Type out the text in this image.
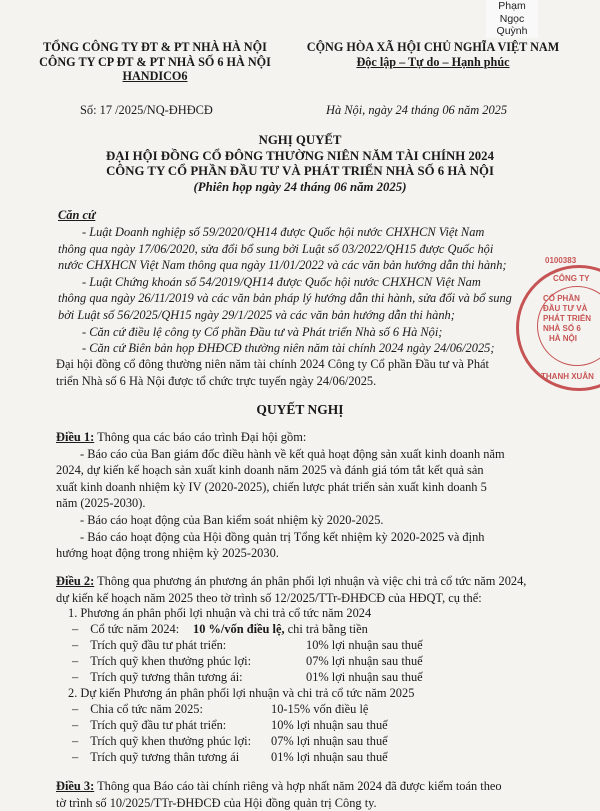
Phạm
Ngọc
Quỳnh
TỔNG CÔNG TY ĐT & PT NHÀ HÀ NỘI
CÔNG TY CP ĐT & PT NHÀ SỐ 6 HÀ NỘI
HANDICO6
CỘNG HÒA XÃ HỘI CHỦ NGHĨA VIỆT NAM
Độc lập – Tự do – Hạnh phúc
Số: 17 /2025/NQ-ĐHĐCĐ	Hà Nội, ngày 24 tháng 06 năm 2025
NGHỊ QUYẾT
ĐẠI HỘI ĐỒNG CỔ ĐÔNG THƯỜNG NIÊN NĂM TÀI CHÍNH 2024
CÔNG TY CỔ PHẦN ĐẦU TƯ VÀ PHÁT TRIỂN NHÀ SỐ 6 HÀ NỘI
(Phiên họp ngày 24 tháng 06 năm 2025)
Căn cứ
- Luật Doanh nghiệp số 59/2020/QH14 được Quốc hội nước CHXHCN Việt Nam
thông qua ngày 17/06/2020, sửa đổi bổ sung bởi Luật số 03/2022/QH15 được Quốc hội
nước CHXHCN Việt Nam thông qua ngày 11/01/2022 và các văn bản hướng dẫn thi hành;
- Luật Chứng khoán số 54/2019/QH14 được Quốc hội nước CHXHCN Việt Nam
thông qua ngày 26/11/2019 và các văn bản pháp lý hướng dẫn thi hành, sửa đổi và bổ sung
bởi Luật số 56/2025/QH15 ngày 29/1/2025 và các văn bản hướng dẫn thi hành;
- Căn cứ điều lệ công ty Cổ phần Đầu tư và Phát triển Nhà số 6 Hà Nội;
- Căn cứ Biên bản họp ĐHĐCĐ thường niên năm tài chính 2024 ngày 24/06/2025;
Đại hội đồng cổ đông thường niên năm tài chính 2024 Công ty Cổ phần Đầu tư và Phát
triển Nhà số 6 Hà Nội được tổ chức trực tuyến ngày 24/06/2025.
QUYẾT NGHỊ
Điều 1: Thông qua các báo cáo trình Đại hội gồm:
- Báo cáo của Ban giám đốc điều hành về kết quả hoạt động sản xuất kinh doanh năm
2024, dự kiến kế hoạch sản xuất kinh doanh năm 2025 và đánh giá tóm tắt kết quả sản
xuất kinh doanh nhiệm kỳ IV (2020-2025), chiến lược phát triển sản xuất kinh doanh 5
năm (2025-2030).
- Báo cáo hoạt động của Ban kiểm soát nhiệm kỳ 2020-2025.
- Báo cáo hoạt động của Hội đồng quản trị Tổng kết nhiệm kỳ 2020-2025 và định
hướng hoạt động trong nhiệm kỳ 2025-2030.
Điều 2: Thông qua phương án phương án phân phối lợi nhuận và việc chi trả cổ tức năm 2024,
dự kiến kế hoạch năm 2025 theo tờ trình số 12/2025/TTr-ĐHĐCĐ của HĐQT, cụ thể:
1. Phương án phân phối lợi nhuận và chi trả cổ tức năm 2024
– Cổ tức năm 2024: 10 %/vốn điều lệ, chi trả bằng tiền
– Trích quỹ đầu tư phát triển:	10% lợi nhuận sau thuế
– Trích quỹ khen thưởng phúc lợi:	07% lợi nhuận sau thuế
– Trích quỹ tương thân tương ái:	01% lợi nhuận sau thuế
2. Dự kiến Phương án phân phối lợi nhuận và chi trả cổ tức năm 2025
– Chia cổ tức năm 2025:	10-15% vốn điều lệ
– Trích quỹ đầu tư phát triển:	10% lợi nhuận sau thuế
– Trích quỹ khen thưởng phúc lợi: 07% lợi nhuận sau thuế
– Trích quỹ tương thân tương ái	01% lợi nhuận sau thuế
Điều 3: Thông qua Báo cáo tài chính riêng và hợp nhất năm 2024 đã được kiểm toán theo
tờ trình số 10/2025/TTr-ĐHĐCĐ của Hội đồng quản trị Công ty.
CÔNG TY
CỔ PHẦN
ĐẦU TƯ VÀ
PHÁT TRIỂN
NHÀ SỐ 6
HÀ NỘI
0100383
THANH XUÂN
